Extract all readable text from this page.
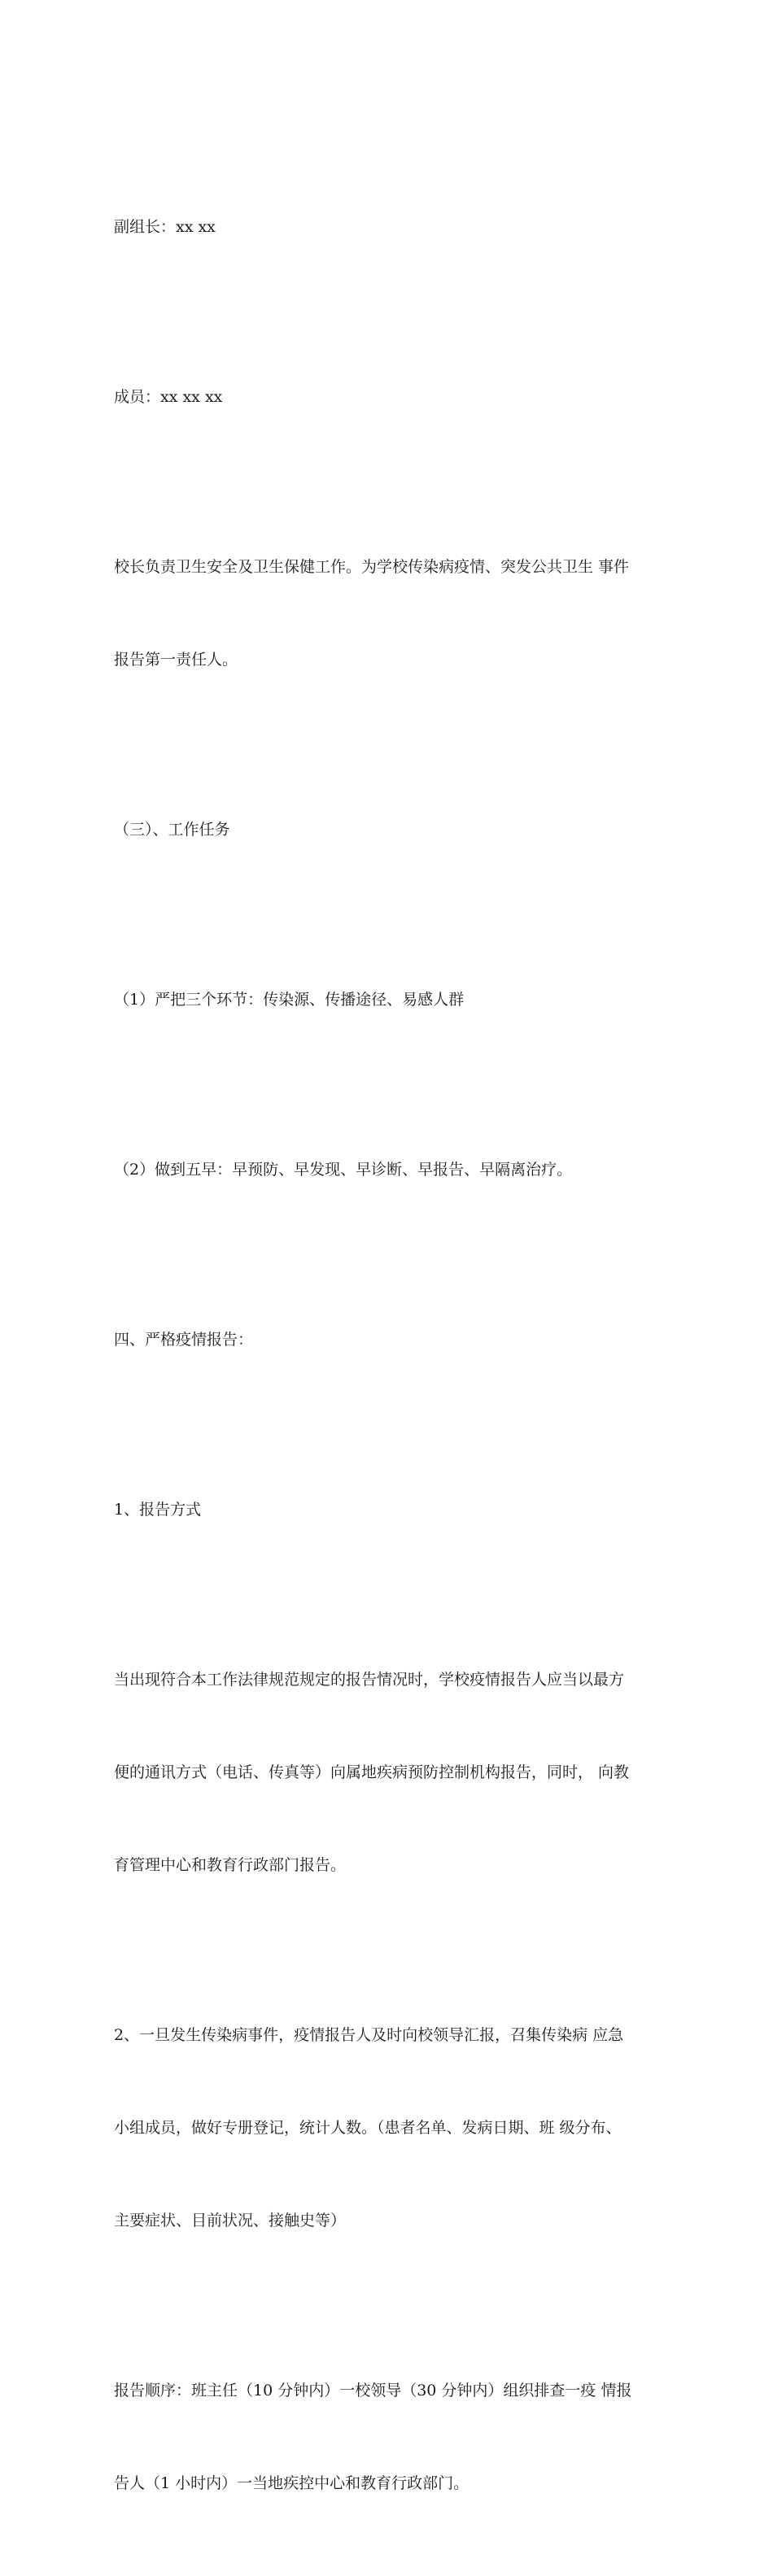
副组长：xx xx

成员：xx xx xx

校长负责卫生安全及卫生保健工作。为学校传染病疫情、突发公共卫生 事件

报告第一责任人。

（三）、工作任务

（1）严把三个环节：传染源、传播途径、易感人群

（2）做到五早：早预防、早发现、早诊断、早报告、早隔离治疗。

四、严格疫情报告：

1、报告方式

当出现符合本工作法律规范规定的报告情况时，学校疫情报告人应当以最方

便的通讯方式（电话、传真等）向属地疾病预防控制机构报告，同时， 向教

育管理中心和教育行政部门报告。

2、一旦发生传染病事件，疫情报告人及时向校领导汇报，召集传染病 应急

小组成员，做好专册登记，统计人数。（患者名单、发病日期、班 级分布、

主要症状、目前状况、接触史等）

报告顺序：班主任（10 分钟内）一校领导（30 分钟内）组织排查一疫 情报

告人（1 小时内）一当地疾控中心和教育行政部门。
